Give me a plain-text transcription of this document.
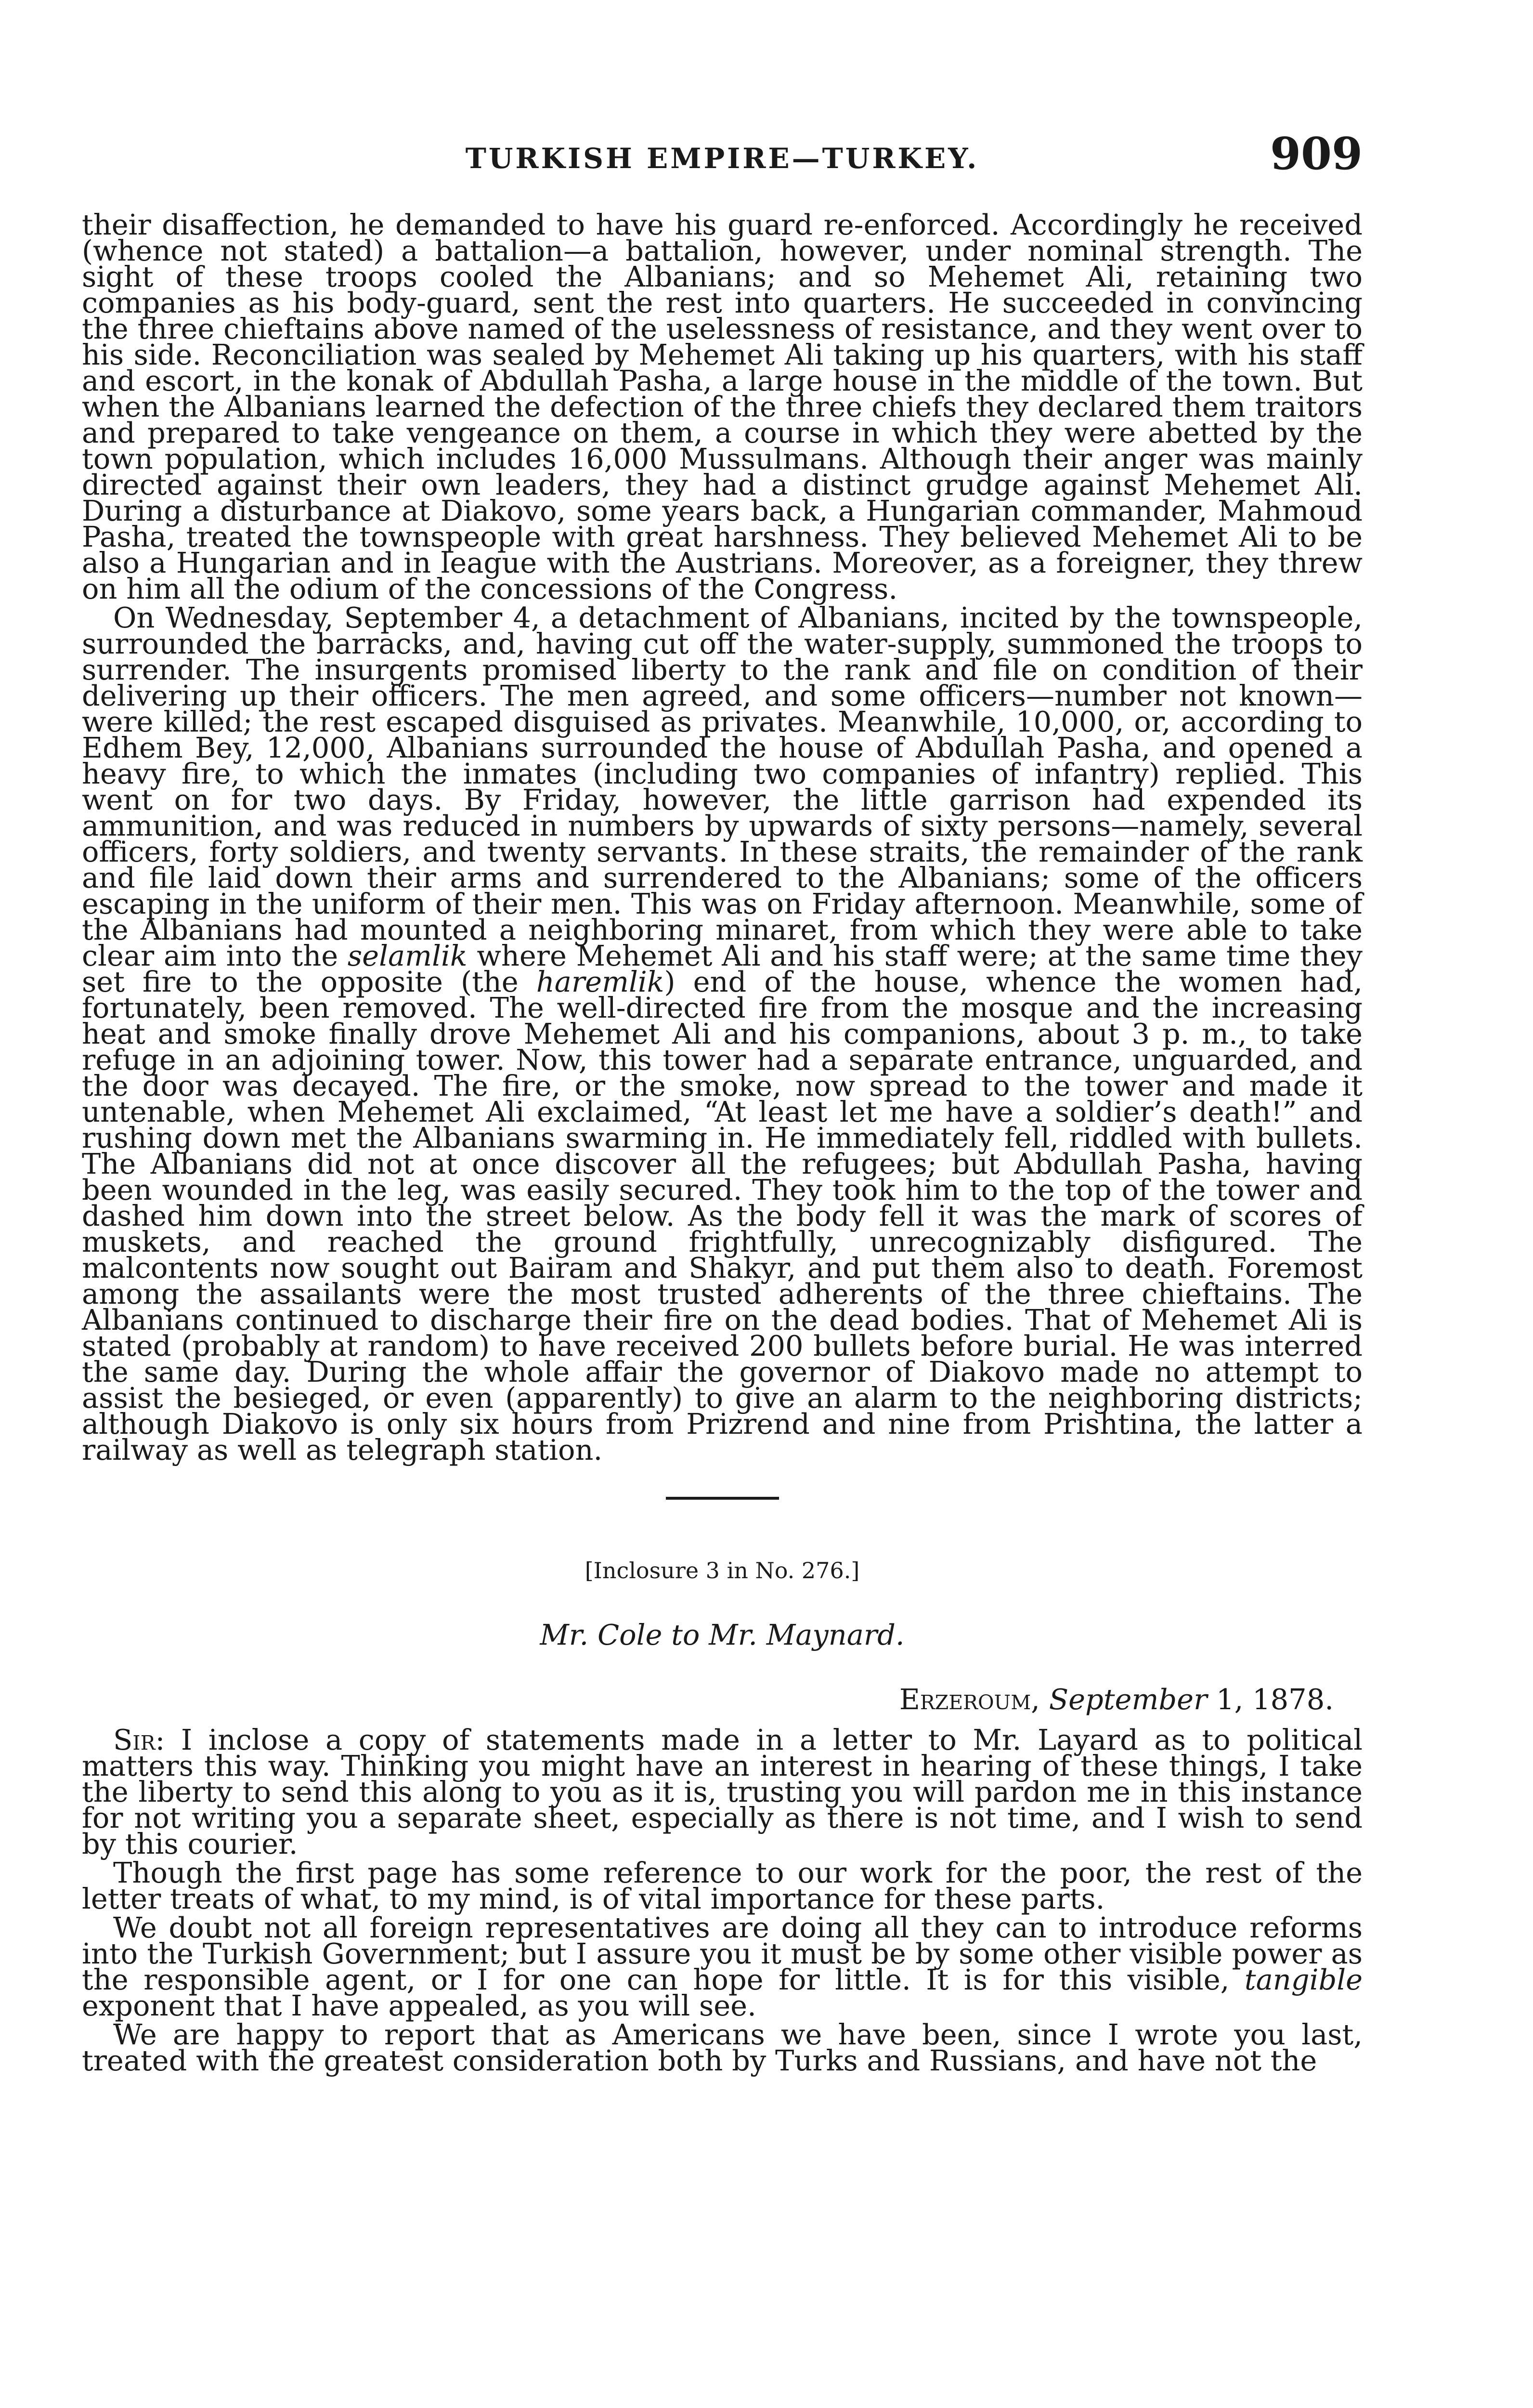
TURKISH EMPIRE—TURKEY.	909

their disaffection, he demanded to have his guard re-enforced. Accordingly he received (whence not stated) a battalion—a battalion, however, under nominal strength. The sight of these troops cooled the Albanians; and so Mehemet Ali, retaining two companies as his body-guard, sent the rest into quarters. He succeeded in convincing the three chieftains above named of the uselessness of resistance, and they went over to his side. Reconciliation was sealed by Mehemet Ali taking up his quarters, with his staff and escort, in the konak of Abdullah Pasha, a large house in the middle of the town. But when the Albanians learned the defection of the three chiefs they declared them traitors and prepared to take vengeance on them, a course in which they were abetted by the town population, which includes 16,000 Mussulmans. Although their anger was mainly directed against their own leaders, they had a distinct grudge against Mehemet Ali. During a disturbance at Diakovo, some years back, a Hungarian commander, Mahmoud Pasha, treated the townspeople with great harshness. They believed Mehemet Ali to be also a Hungarian and in league with the Austrians. Moreover, as a foreigner, they threw on him all the odium of the concessions of the Congress.

On Wednesday, September 4, a detachment of Albanians, incited by the townspeople, surrounded the barracks, and, having cut off the water-supply, summoned the troops to surrender. The insurgents promised liberty to the rank and file on condition of their delivering up their officers. The men agreed, and some officers—number not known—were killed; the rest escaped disguised as privates. Meanwhile, 10,000, or, according to Edhem Bey, 12,000, Albanians surrounded the house of Abdullah Pasha, and opened a heavy fire, to which the inmates (including two companies of infantry) replied. This went on for two days. By Friday, however, the little garrison had expended its ammunition, and was reduced in numbers by upwards of sixty persons—namely, several officers, forty soldiers, and twenty servants. In these straits, the remainder of the rank and file laid down their arms and surrendered to the Albanians; some of the officers escaping in the uniform of their men. This was on Friday afternoon. Meanwhile, some of the Albanians had mounted a neighboring minaret, from which they were able to take clear aim into the selamlik where Mehemet Ali and his staff were; at the same time they set fire to the opposite (the haremlik) end of the house, whence the women had, fortunately, been removed. The well-directed fire from the mosque and the increasing heat and smoke finally drove Mehemet Ali and his companions, about 3 p. m., to take refuge in an adjoining tower. Now, this tower had a separate entrance, unguarded, and the door was decayed. The fire, or the smoke, now spread to the tower and made it untenable, when Mehemet Ali exclaimed, “At least let me have a soldier’s death!” and rushing down met the Albanians swarming in. He immediately fell, riddled with bullets. The Albanians did not at once discover all the refugees; but Abdullah Pasha, having been wounded in the leg, was easily secured. They took him to the top of the tower and dashed him down into the street below. As the body fell it was the mark of scores of muskets, and reached the ground frightfully, unrecognizably disfigured. The malcontents now sought out Bairam and Shakyr, and put them also to death. Foremost among the assailants were the most trusted adherents of the three chieftains. The Albanians continued to discharge their fire on the dead bodies. That of Mehemet Ali is stated (probably at random) to have received 200 bullets before burial. He was interred the same day. During the whole affair the governor of Diakovo made no attempt to assist the besieged, or even (apparently) to give an alarm to the neighboring districts; although Diakovo is only six hours from Prizrend and nine from Prishtina, the latter a railway as well as telegraph station.

[Inclosure 3 in No. 276.]
Mr. Cole to Mr. Maynard.
Erzeroum, September 1, 1878.

Sir: I inclose a copy of statements made in a letter to Mr. Layard as to political matters this way. Thinking you might have an interest in hearing of these things, I take the liberty to send this along to you as it is, trusting you will pardon me in this instance for not writing you a separate sheet, especially as there is not time, and I wish to send by this courier.

Though the first page has some reference to our work for the poor, the rest of the letter treats of what, to my mind, is of vital importance for these parts.

We doubt not all foreign representatives are doing all they can to introduce reforms into the Turkish Government; but I assure you it must be by some other visible power as the responsible agent, or I for one can hope for little. It is for this visible, tangible exponent that I have appealed, as you will see.

We are happy to report that as Americans we have been, since I wrote you last, treated with the greatest consideration both by Turks and Russians, and have not the
